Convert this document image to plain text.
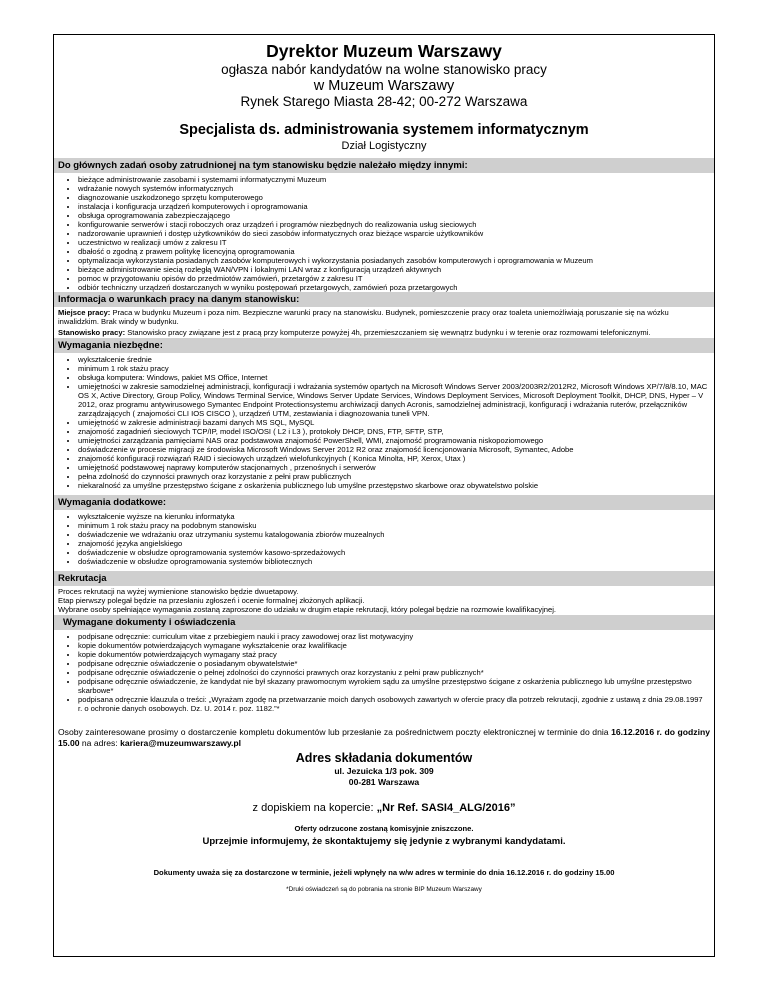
Dyrektor Muzeum Warszawy
ogłasza nabór kandydatów na wolne stanowisko pracy
w Muzeum Warszawy
Rynek Starego Miasta 28-42; 00-272 Warszawa
Specjalista ds. administrowania systemem informatycznym
Dział Logistyczny
Do głównych zadań osoby zatrudnionej na tym stanowisku będzie należało między innymi:
• bieżące administrowanie zasobami i systemami informatycznymi Muzeum
• wdrażanie nowych systemów informatycznych
• diagnozowanie uszkodzonego sprzętu komputerowego
• instalacja i konfiguracja urządzeń komputerowych i oprogramowania
• obsługa oprogramowania zabezpieczającego
• konfigurowanie serwerów i stacji roboczych oraz urządzeń i programów niezbędnych do realizowania usług sieciowych
• nadzorowanie uprawnień i dostęp użytkowników do sieci zasobów informatycznych oraz bieżące wsparcie użytkowników
• uczestnictwo w realizacji umów z zakresu IT
• dbałość o zgodną z prawem politykę licencyjną oprogramowania
• optymalizacja wykorzystania posiadanych zasobów komputerowych i wykorzystania posiadanych zasobów komputerowych i oprogramowania w Muzeum
• bieżące administrowanie siecią rozległą WAN/VPN i lokalnymi LAN wraz z konfiguracją urządzeń aktywnych
• pomoc w przygotowaniu opisów do przedmiotów zamówień, przetargów z zakresu IT
• odbiór techniczny urządzeń dostarczanych w wyniku postępowań przetargowych, zamówień poza przetargowych
Informacja o warunkach pracy na danym stanowisku:
Miejsce pracy: Praca w budynku Muzeum i poza nim. Bezpieczne warunki pracy na stanowisku. Budynek, pomieszczenie pracy oraz toaleta uniemożliwiają poruszanie się na wózku inwalidzkim. Brak windy w budynku.
Stanowisko pracy: Stanowisko pracy związane jest z pracą przy komputerze powyżej 4h, przemieszczaniem się wewnątrz budynku i w terenie oraz rozmowami telefonicznymi.
Wymagania niezbędne:
• wykształcenie średnie
• minimum 1 rok stażu pracy
• obsługa komputera: Windows, pakiet MS Office, Internet
• umiejętności w zakresie samodzielnej administracji, konfiguracji i wdrażania systemów opartych na Microsoft Windows Server 2003/2003R2/2012R2, Microsoft Windows XP/7/8/8.10, MAC OS X, Active Directory, Group Policy, Windows Terminal Service, Windows Server Update Services, Windows Deployment Services, Microsoft Deployment Toolkit, DHCP, DNS, Hyper – V 2012, oraz programu antywirusowego Symantec Endpoint Protectionsystemu archiwizacji danych Acronis, samodzielnej administracji, konfiguracji i wdrażania ruterów, przełączników zarządzających ( znajomości CLI IOS CISCO ), urządzeń UTM, zestawiania i diagnozowania tuneli VPN.
• umiejętność w zakresie administracji bazami danych MS SQL, MySQL
• znajomość zagadnień sieciowych TCP/IP, model ISO/OSI ( L2 i L3 ), protokoły DHCP, DNS, FTP, SFTP, STP,
• umiejętności zarządzania pamięciami NAS oraz podstawowa znajomość PowerShell, WMI, znajomość programowania niskopoziomowego
• doświadczenie w procesie migracji ze środowiska Microsoft Windows Server 2012 R2 oraz znajomość licencjonowania Microsoft, Symantec, Adobe
• znajomość konfiguracji rozwiązań RAID i sieciowych urządzeń wielofunkcyjnych ( Konica Minolta, HP, Xerox, Utax )
• umiejętność podstawowej naprawy komputerów stacjonarnych , przenośnych i serwerów
• pełna zdolność do czynności prawnych oraz korzystanie z pełni praw publicznych
• niekaralność za umyślne przestępstwo ścigane z oskarżenia publicznego lub umyślne przestępstwo skarbowe oraz obywatelstwo polskie
Wymagania dodatkowe:
• wykształcenie wyższe na kierunku informatyka
• minimum 1 rok stażu pracy na podobnym stanowisku
• doświadczenie we wdrażaniu oraz utrzymaniu systemu katalogowania zbiorów muzealnych
• znajomość języka angielskiego
• doświadczenie w obsłudze oprogramowania systemów kasowo-sprzedażowych
• doświadczenie w obsłudze oprogramowania systemów bibliotecznych
Rekrutacja
Proces rekrutacji na wyżej wymienione stanowisko będzie dwuetapowy.
Etap pierwszy polegał będzie na przesłaniu zgłoszeń i ocenie formalnej złożonych aplikacji.
Wybrane osoby spełniające wymagania zostaną zaproszone do udziału w drugim etapie rekrutacji, który polegał będzie na rozmowie kwalifikacyjnej.
Wymagane dokumenty i oświadczenia
• podpisane odręcznie: curriculum vitae z przebiegiem nauki i pracy zawodowej oraz list motywacyjny
• kopie dokumentów potwierdzających wymagane wykształcenie oraz kwalifikacje
• kopie dokumentów potwierdzających wymagany staż pracy
• podpisane odręcznie oświadczenie o posiadanym obywatelstwie*
• podpisane odręcznie oświadczenie o pełnej zdolności do czynności prawnych oraz korzystaniu z pełni praw publicznych*
• podpisane odręcznie oświadczenie, że kandydat nie był skazany prawomocnym wyrokiem sądu za umyślne przestępstwo ścigane z oskarżenia publicznego lub umyślne przestępstwo skarbowe*
• podpisana odręcznie klauzula o treści: „Wyrażam zgodę na przetwarzanie moich danych osobowych zawartych w ofercie pracy dla potrzeb rekrutacji, zgodnie z ustawą z dnia 29.08.1997 r. o ochronie danych osobowych. Dz. U. 2014 r. poz. 1182.”*
Osoby zainteresowane prosimy o dostarczenie kompletu dokumentów lub przesłanie za pośrednictwem poczty elektronicznej w terminie do dnia 16.12.2016 r. do godziny 15.00 na adres: kariera@muzeumwarszawy.pl
Adres składania dokumentów
ul. Jezuicka 1/3 pok. 309
00-281 Warszawa
z dopiskiem na kopercie: „Nr Ref. SASI4_ALG/2016”
Oferty odrzucone zostaną komisyjnie zniszczone.
Uprzejmie informujemy, że skontaktujemy się jedynie z wybranymi kandydatami.
Dokumenty uważa się za dostarczone w terminie, jeżeli wpłynęły na w/w adres w terminie do dnia 16.12.2016 r. do godziny 15.00
*Druki oświadczeń są do pobrania na stronie BIP Muzeum Warszawy
